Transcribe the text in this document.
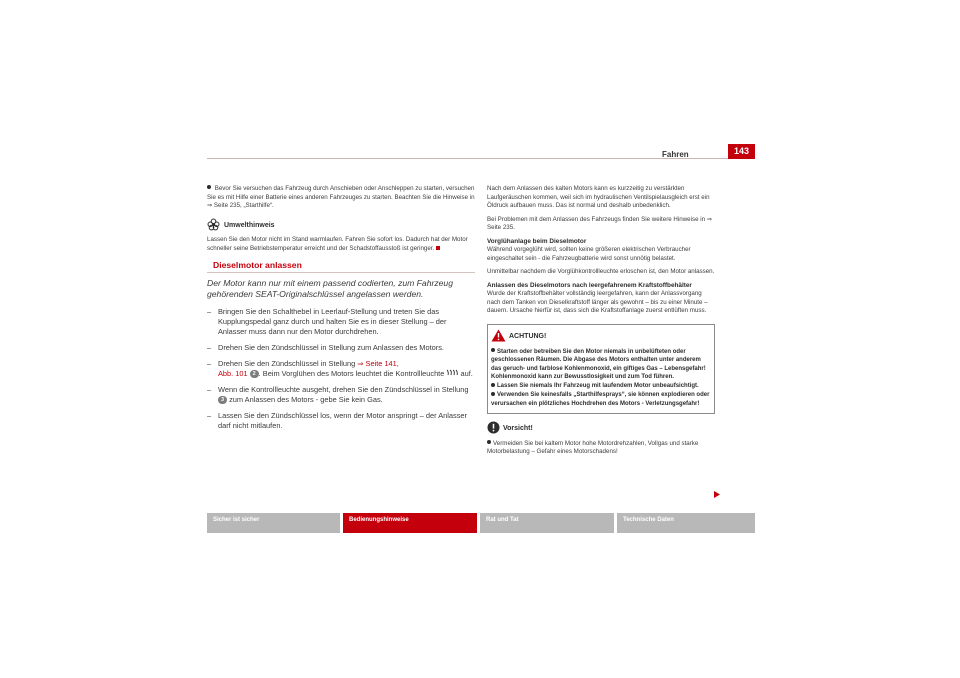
Fahren	143

Bevor Sie versuchen das Fahrzeug durch Anschieben oder Anschleppen zu starten, versuchen Sie es mit Hilfe einer Batterie eines anderen Fahrzeuges zu starten. Beachten Sie die Hinweise in ⇒ Seite 235, „Starthilfe“.

Umwelthinweis

Lassen Sie den Motor nicht im Stand warmlaufen. Fahren Sie sofort los. Dadurch hat der Motor schneller seine Betriebstemperatur erreicht und der Schadstoffausstoß ist geringer.

Dieselmotor anlassen
Der Motor kann nur mit einem passend codierten, zum Fahrzeug gehörenden SEAT-Originalschlüssel angelassen werden.
– Bringen Sie den Schalthebel in Leerlauf-Stellung und treten Sie das Kupplungspedal ganz durch und halten Sie es in dieser Stellung – der Anlasser muss dann nur den Motor durchdrehen.
– Drehen Sie den Zündschlüssel in Stellung zum Anlassen des Motors.
– Drehen Sie den Zündschlüssel in Stellung ⇒ Seite 141,
Abb. 101 2 . Beim Vorglühen des Motors leuchtet die Kontrollleuchte auf.
– Wenn die Kontrollleuchte ausgeht, drehen Sie den Zündschlüssel in Stellung 3 zum Anlassen des Motors - gebe Sie kein Gas.
– Lassen Sie den Zündschlüssel los, wenn der Motor anspringt – der Anlasser darf nicht mitlaufen.

Nach dem Anlassen des kalten Motors kann es kurzzeitig zu verstärkten Laufgeräuschen kommen, weil sich im hydraulischen Ventilspielausgleich erst ein Öldruck aufbauen muss. Das ist normal und deshalb unbedenklich.

Bei Problemen mit dem Anlassen des Fahrzeugs finden Sie weitere Hinweise in ⇒ Seite 235.

Vorglühanlage beim Dieselmotor

Während vorgeglüht wird, sollten keine größeren elektrischen Verbraucher eingeschaltet sein - die Fahrzeugbatterie wird sonst unnötig belastet.

Unmittelbar nachdem die Vorglühkontrollleuchte erloschen ist, den Motor anlassen.

Anlassen des Dieselmotors nach leergefahrenem Kraftstoffbehälter

Wurde der Kraftstoffbehälter vollständig leergefahren, kann der Anlassvorgang nach dem Tanken von Dieselkraftstoff länger als gewohnt – bis zu einer Minute – dauern. Ursache hierfür ist, dass sich die Kraftstoffanlage zuerst entlüften muss.

ACHTUNG!
Starten oder betreiben Sie den Motor niemals in unbelüfteten oder geschlossenen Räumen. Die Abgase des Motors enthalten unter anderem das geruch- und farblose Kohlenmonoxid, ein giftiges Gas – Lebensgefahr! Kohlenmonoxid kann zur Bewusstlosigkeit und zum Tod führen.
Lassen Sie niemals Ihr Fahrzeug mit laufendem Motor unbeaufsichtigt.
Verwenden Sie keinesfalls „Starthilfesprays“, sie können explodieren oder verursachen ein plötzliches Hochdrehen des Motors - Verletzungsgefahr!
Vorsicht!

Vermeiden Sie bei kaltem Motor hohe Motordrehzahlen, Vollgas und starke Motorbelastung – Gefahr eines Motorschadens!

Sicher ist sicher	Bedienungshinweise	Rat und Tat	Technische Daten
